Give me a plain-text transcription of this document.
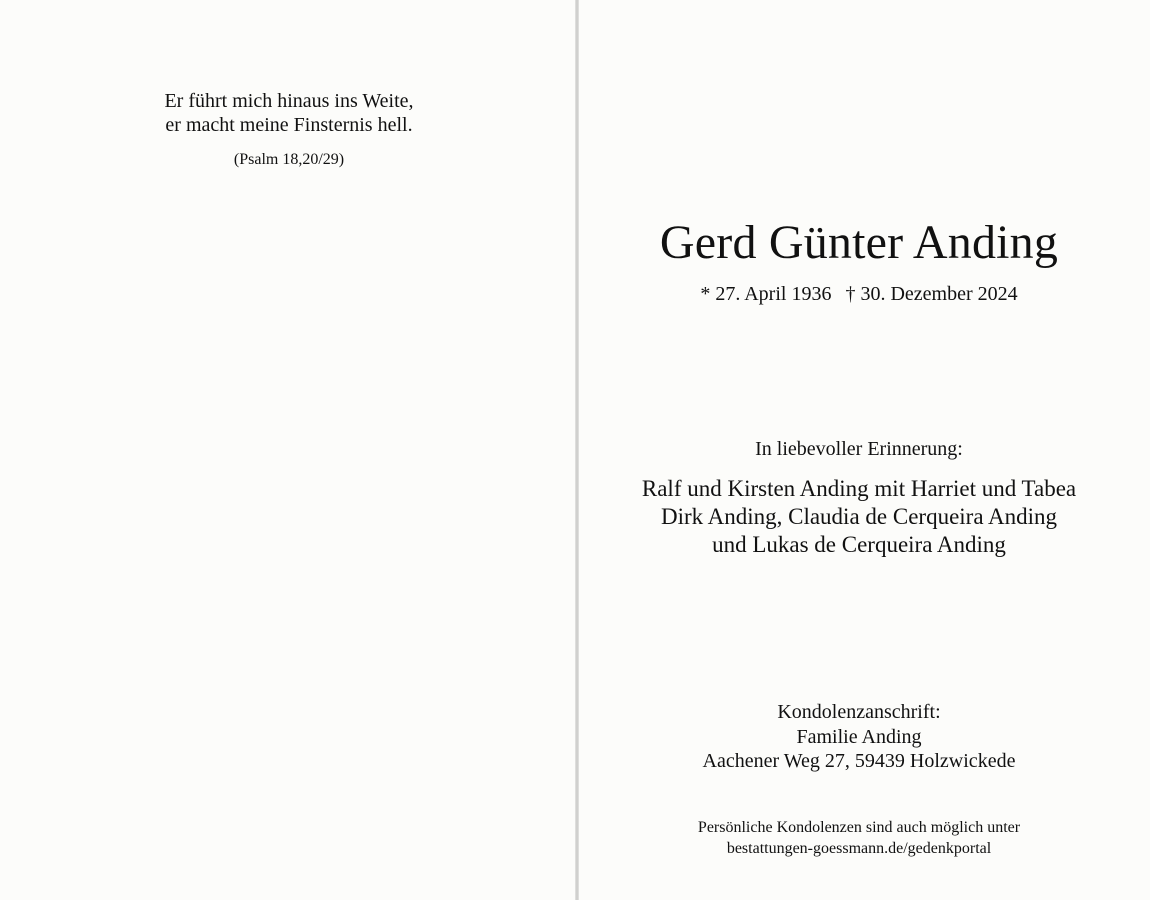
Er führt mich hinaus ins Weite,
er macht meine Finsternis hell.
(Psalm 18,20/29)
Gerd Günter Anding
* 27. April 1936 † 30. Dezember 2024
In liebevoller Erinnerung:
Ralf und Kirsten Anding mit Harriet und Tabea
Dirk Anding, Claudia de Cerqueira Anding
und Lukas de Cerqueira Anding
Kondolenzanschrift:
Familie Anding
Aachener Weg 27, 59439 Holzwickede
Persönliche Kondolenzen sind auch möglich unter
bestattungen-goessmann.de/gedenkportal
